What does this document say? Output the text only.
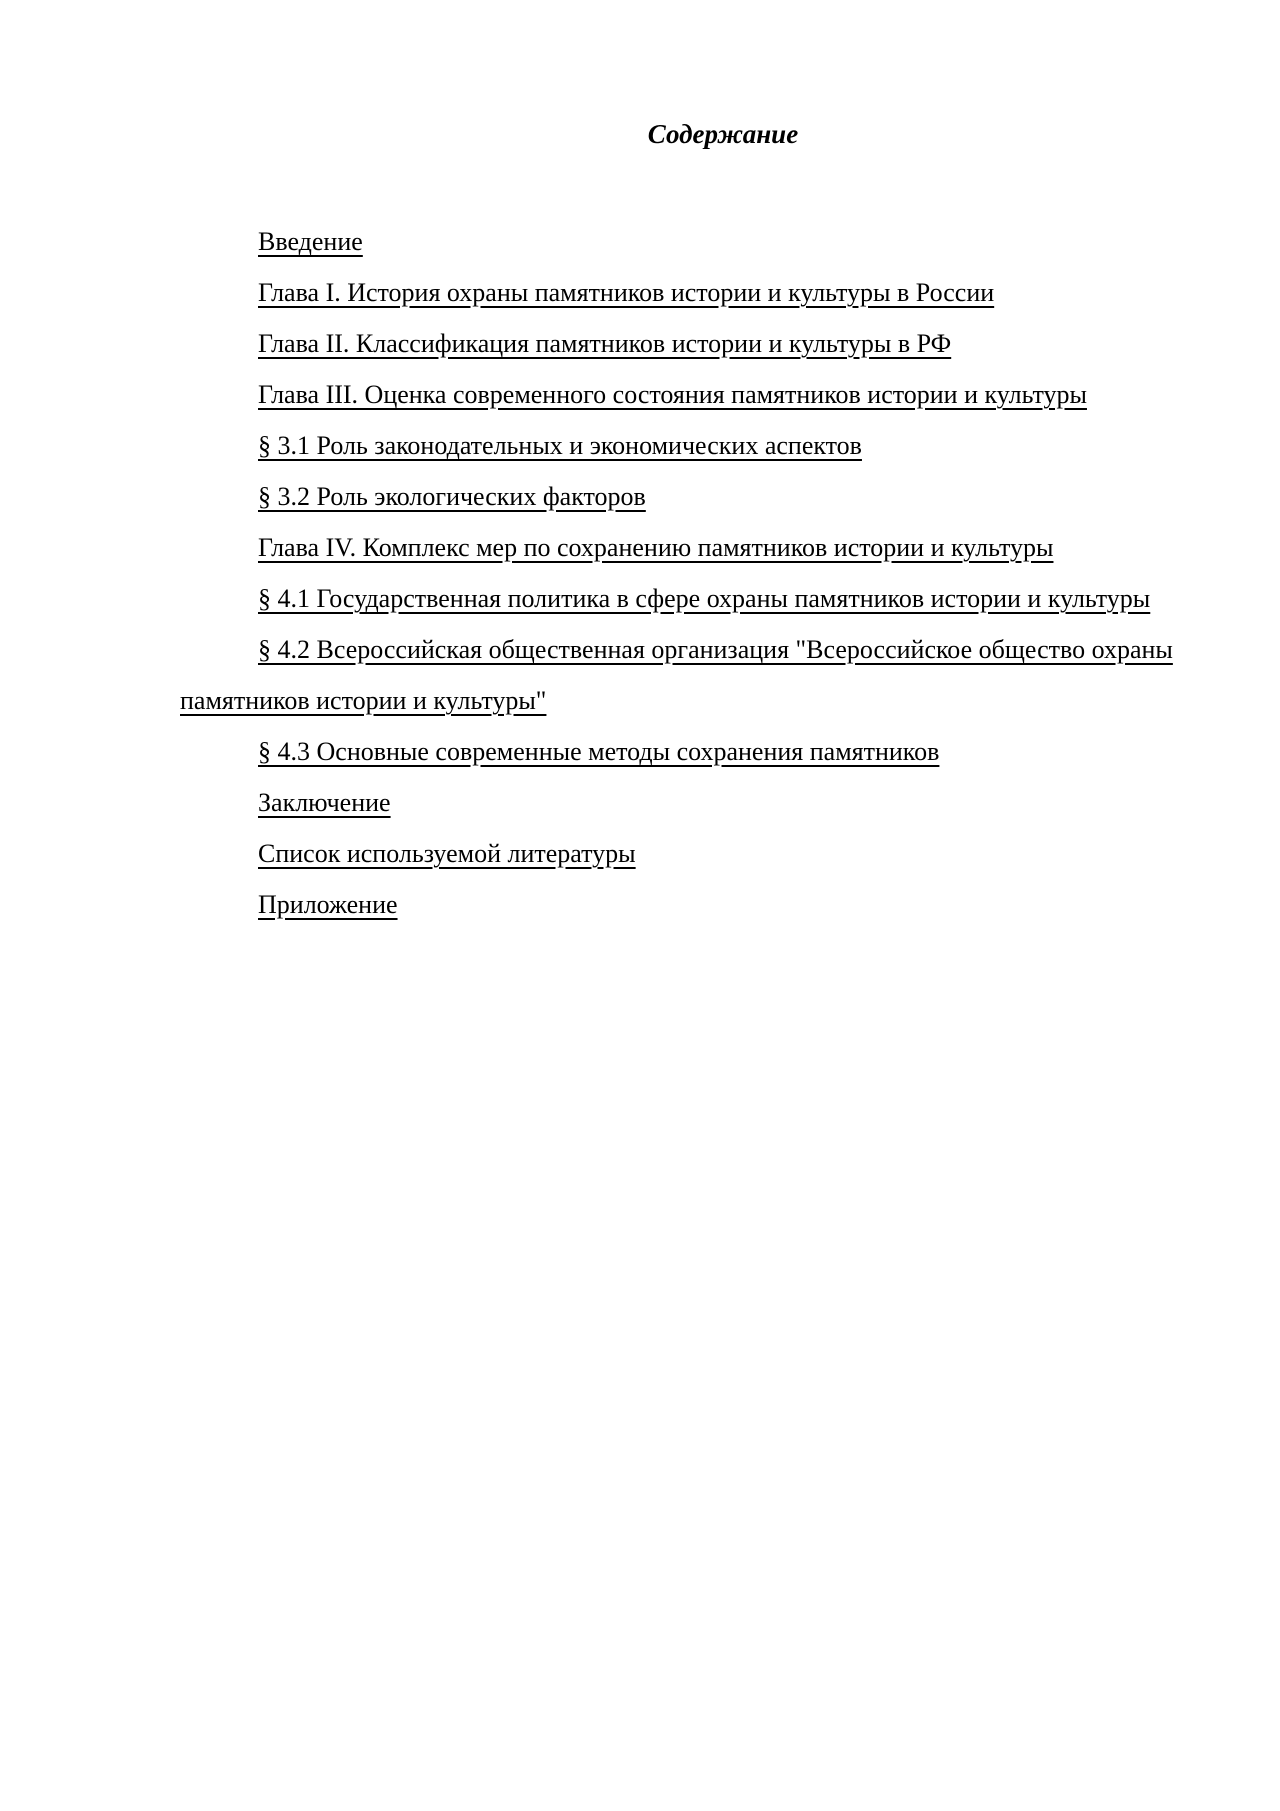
Содержание

Введение

Глава I. История охраны памятников истории и культуры в России

Глава II. Классификация памятников истории и культуры в РФ

Глава III. Оценка современного состояния памятников истории и культуры

§ 3.1 Роль законодательных и экономических аспектов

§ 3.2 Роль экологических факторов

Глава IV. Комплекс мер по сохранению памятников истории и культуры

§ 4.1 Государственная политика в сфере охраны памятников истории и культуры

§ 4.2 Всероссийская общественная организация "Всероссийское общество охраны памятников истории и культуры"

§ 4.3 Основные современные методы сохранения памятников

Заключение

Список используемой литературы

Приложение
